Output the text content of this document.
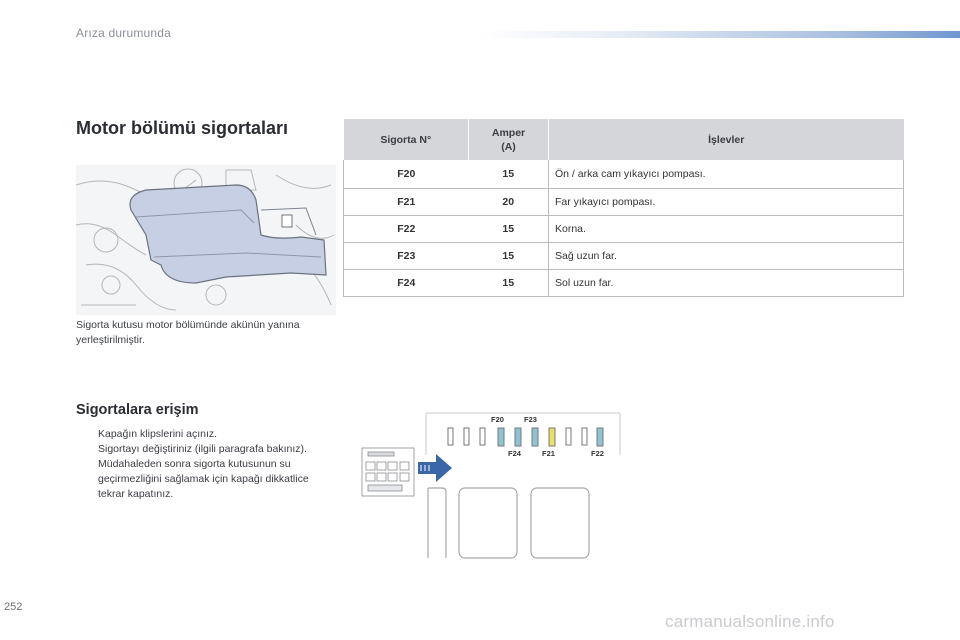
Arıza durumunda
Motor bölümü sigortaları

Sigorta kutusu motor bölümünde akünün yanına yerleştirilmiştir.

Sigortalara erişim
Kapağın klipslerini açınız.
Sigortayı değiştiriniz (ilgili paragrafa bakınız).
Müdahaleden sonra sigorta kutusunun su geçirmezliğini sağlamak için kapağı dikkatlice tekrar kapatınız.
Sigorta N°	Amper (A)	İşlevler
F20	15	Ön / arka cam yıkayıcı pompası.
F21	20	Far yıkayıcı pompası.
F22	15	Korna.
F23	15	Sağ uzun far.
F24	15	Sol uzun far.
F20	F23
F24	F21	F22
252
carmanualsonline.info
